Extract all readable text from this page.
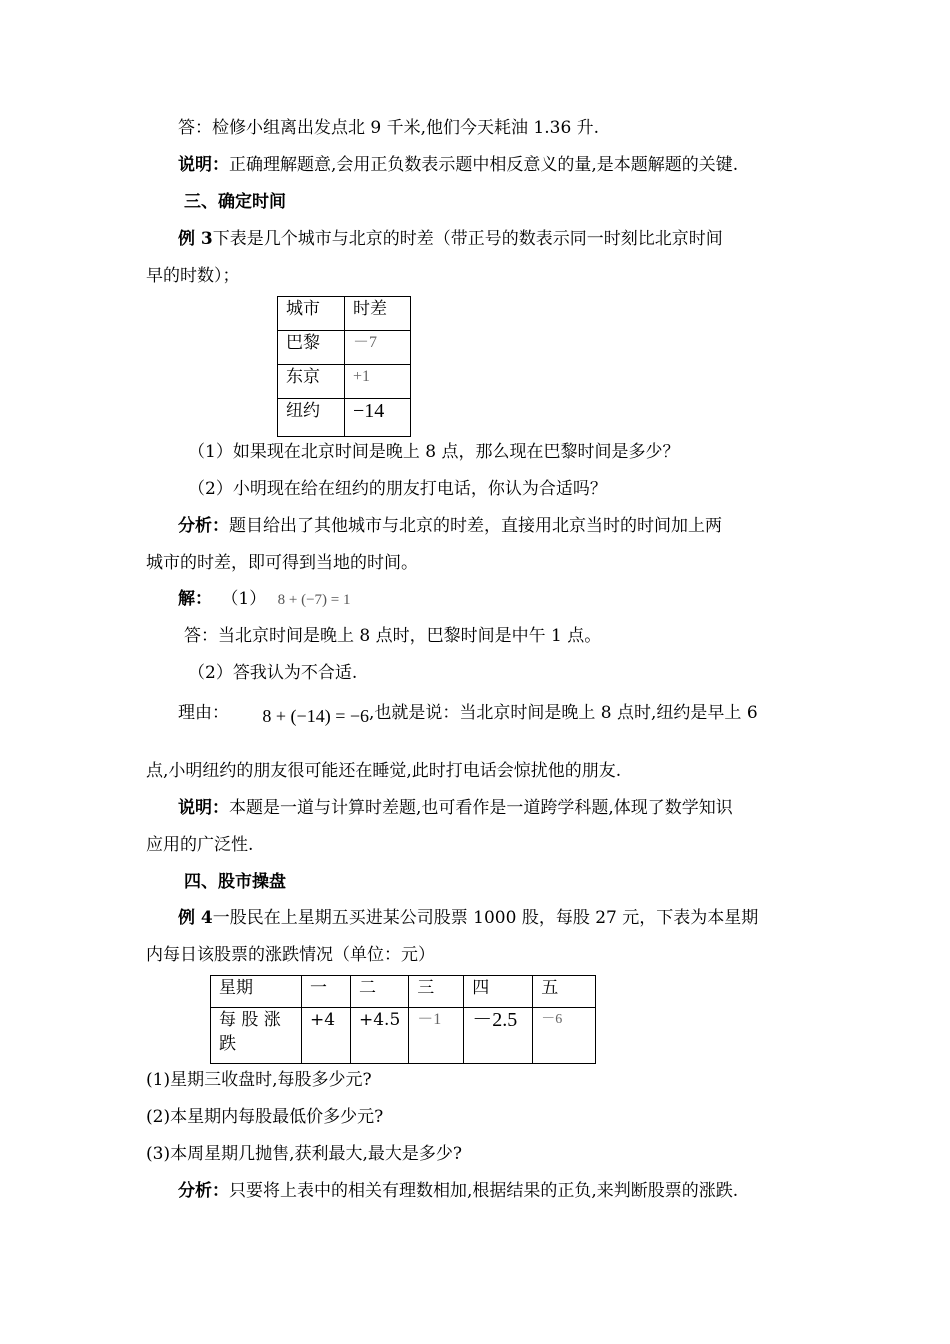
答：检修小组离出发点北 9 千米,他们今天耗油 1.36 升.
说明：正确理解题意,会用正负数表示题中相反意义的量,是本题解题的关键.
三、确定时间
例 3下表是几个城市与北京的时差（带正号的数表示同一时刻比北京时间
早的时数）；
城市	时差
巴黎	－7
东京	+1
纽约	−14
（1）如果现在北京时间是晚上 8 点，那么现在巴黎时间是多少？
（2）小明现在给在纽约的朋友打电话，你认为合适吗？
分析：题目给出了其他城市与北京的时差，直接用北京当时的时间加上两
城市的时差，即可得到当地的时间。
解： （1） 8 + (−7) = 1
答：当北京时间是晚上 8 点时，巴黎时间是中午 1 点。
（2）答我认为不合适.
理由： 8 + (−14) = −6,也就是说：当北京时间是晚上 8 点时,纽约是早上 6
点,小明纽约的朋友很可能还在睡觉,此时打电话会惊扰他的朋友.
说明：本题是一道与计算时差题,也可看作是一道跨学科题,体现了数学知识
应用的广泛性.
四、股市操盘
例 4一股民在上星期五买进某公司股票 1000 股，每股 27 元，下表为本星期
内每日该股票的涨跌情况（单位：元）
星期	一	二	三	四	五

每 股 涨
跌	+4	+4.5	－1	－2.5	－6
(1)星期三收盘时,每股多少元?
(2)本星期内每股最低价多少元?
(3)本周星期几抛售,获利最大,最大是多少?
分析：只要将上表中的相关有理数相加,根据结果的正负,来判断股票的涨跌.
